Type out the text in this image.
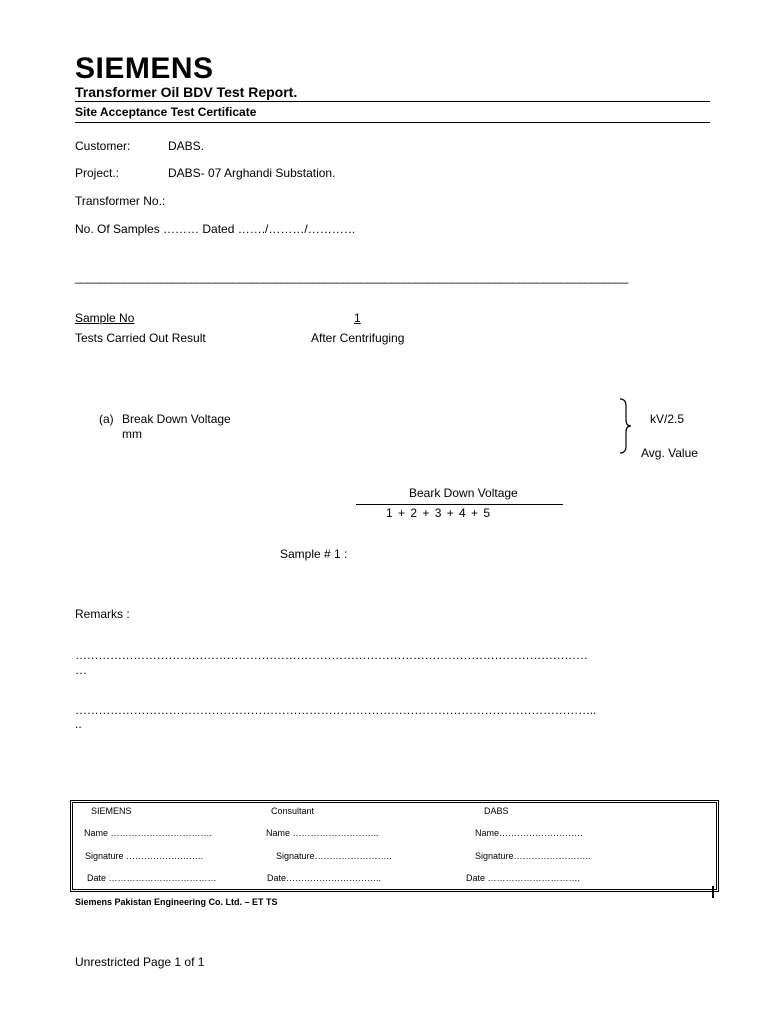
SIEMENS
Transformer Oil BDV Test Report.
Site Acceptance Test Certificate
Customer:	DABS.
Project.:	DABS- 07 Arghandi Substation.
Transformer No.:
No. Of Samples ……… Dated ……./………/…………
___________________________________________________________________________________________
Sample No	1
Tests Carried Out Result	After Centrifuging
(a) Break Down Voltage
mm
kV/2.5
Avg. Value
Beark Down Voltage
1 + 2 + 3 + 4 + 5
Sample # 1 :
Remarks :
……………………………………………………………………………………………………………………
…
……………………………………………………………………………………………………………………..
..
SIEMENS	Consultant	DABS
Name …………………………….	Name ………………………..	Name……………………….
Signature ……………………..	Signature……………………..	Signature……………………..
Date ………………………………	Date…………………………..	Date ………………………….
Siemens Pakistan Engineering Co. Ltd. – ET TS
Unrestricted Page 1 of 1
